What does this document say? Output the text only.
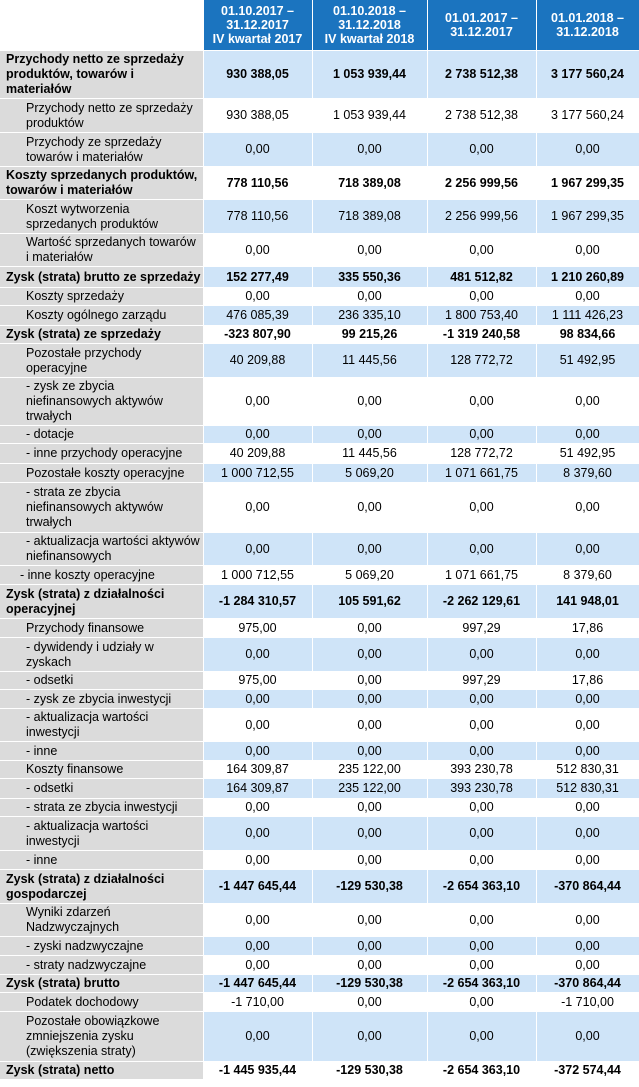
	01.10.2017 –
31.12.2017
IV kwartał 2017	01.10.2018 –
31.12.2018
IV kwartał 2018	01.01.2017 –
31.12.2017	01.01.2018 –
31.12.2018
Przychody netto ze sprzedaży produktów, towarów i materiałów	930 388,05	1 053 939,44	2 738 512,38	3 177 560,24
Przychody netto ze sprzedaży produktów	930 388,05	1 053 939,44	2 738 512,38	3 177 560,24
Przychody ze sprzedaży towarów i materiałów	0,00	0,00	0,00	0,00
Koszty sprzedanych produktów, towarów i materiałów	778 110,56	718 389,08	2 256 999,56	1 967 299,35
Koszt wytworzenia sprzedanych produktów	778 110,56	718 389,08	2 256 999,56	1 967 299,35
Wartość sprzedanych towarów i materiałów	0,00	0,00	0,00	0,00
Zysk (strata) brutto ze sprzedaży	152 277,49	335 550,36	481 512,82	1 210 260,89
Koszty sprzedaży	0,00	0,00	0,00	0,00
Koszty ogólnego zarządu	476 085,39	236 335,10	1 800 753,40	1 111 426,23
Zysk (strata) ze sprzedaży	-323 807,90	99 215,26	-1 319 240,58	98 834,66
Pozostałe przychody operacyjne	40 209,88	11 445,56	128 772,72	51 492,95
- zysk ze zbycia niefinansowych aktywów trwałych	0,00	0,00	0,00	0,00
- dotacje	0,00	0,00	0,00	0,00
- inne przychody operacyjne	40 209,88	11 445,56	128 772,72	51 492,95
Pozostałe koszty operacyjne	1 000 712,55	5 069,20	1 071 661,75	8 379,60
- strata ze zbycia niefinansowych aktywów trwałych	0,00	0,00	0,00	0,00
- aktualizacja wartości aktywów niefinansowych	0,00	0,00	0,00	0,00
- inne koszty operacyjne	1 000 712,55	5 069,20	1 071 661,75	8 379,60
Zysk (strata) z działalności operacyjnej	-1 284 310,57	105 591,62	-2 262 129,61	141 948,01
Przychody finansowe	975,00	0,00	997,29	17,86
- dywidendy i udziały w zyskach	0,00	0,00	0,00	0,00
- odsetki	975,00	0,00	997,29	17,86
- zysk ze zbycia inwestycji	0,00	0,00	0,00	0,00
- aktualizacja wartości inwestycji	0,00	0,00	0,00	0,00
- inne	0,00	0,00	0,00	0,00
Koszty finansowe	164 309,87	235 122,00	393 230,78	512 830,31
- odsetki	164 309,87	235 122,00	393 230,78	512 830,31
- strata ze zbycia inwestycji	0,00	0,00	0,00	0,00
- aktualizacja wartości inwestycji	0,00	0,00	0,00	0,00
- inne	0,00	0,00	0,00	0,00
Zysk (strata) z działalności gospodarczej	-1 447 645,44	-129 530,38	-2 654 363,10	-370 864,44
Wyniki zdarzeń Nadzwyczajnych	0,00	0,00	0,00	0,00
- zyski nadzwyczajne	0,00	0,00	0,00	0,00
- straty nadzwyczajne	0,00	0,00	0,00	0,00
Zysk (strata) brutto	-1 447 645,44	-129 530,38	-2 654 363,10	-370 864,44
Podatek dochodowy	-1 710,00	0,00	0,00	-1 710,00
Pozostałe obowiązkowe zmniejszenia zysku (zwiększenia straty)	0,00	0,00	0,00	0,00
Zysk (strata) netto	-1 445 935,44	-129 530,38	-2 654 363,10	-372 574,44
